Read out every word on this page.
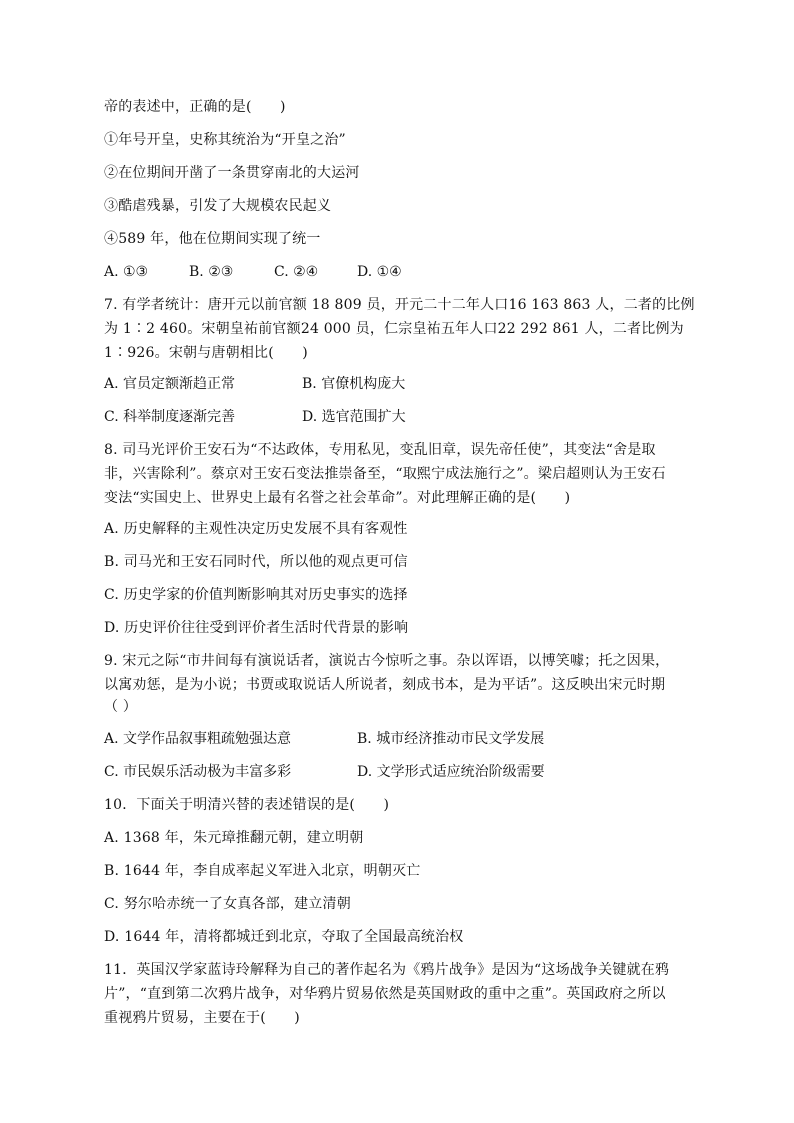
帝的表述中，正确的是(　　)
①年号开皇，史称其统治为“开皇之治”
②在位期间开凿了一条贯穿南北的大运河
③酷虐残暴，引发了大规模农民起义
④589 年，他在位期间实现了统一
A. ①③	B. ②③	C. ②④	D. ①④
7. 有学者统计：唐开元以前官额 18 809 员，开元二十二年人口16 163 863 人，二者的比例
为 1∶2 460。宋朝皇祐前官额24 000 员，仁宗皇祐五年人口22 292 861 人，二者比例为
1∶926。宋朝与唐朝相比(　　)
A. 官员定额渐趋正常	B. 官僚机构庞大
C. 科举制度逐渐完善	D. 选官范围扩大
8. 司马光评价王安石为“不达政体，专用私见，变乱旧章，误先帝任使”，其变法“舍是取
非，兴害除利”。蔡京对王安石变法推崇备至，“取熙宁成法施行之”。梁启超则认为王安石
变法“实国史上、世界史上最有名誉之社会革命”。对此理解正确的是(　　)
A. 历史解释的主观性决定历史发展不具有客观性
B. 司马光和王安石同时代，所以他的观点更可信
C. 历史学家的价值判断影响其对历史事实的选择
D. 历史评价往往受到评价者生活时代背景的影响
9. 宋元之际“市井间每有演说话者，演说古今惊听之事。杂以诨语，以博笑噱；托之因果，
以寓劝惩，是为小说；书贾或取说话人所说者，刻成书本，是为平话”。这反映出宋元时期
（ ）
A. 文学作品叙事粗疏勉强达意	B. 城市经济推动市民文学发展
C. 市民娱乐活动极为丰富多彩	D. 文学形式适应统治阶级需要
10．下面关于明清兴替的表述错误的是(　　)
A. 1368 年，朱元璋推翻元朝，建立明朝
B. 1644 年，李自成率起义军进入北京，明朝灭亡
C. 努尔哈赤统一了女真各部，建立清朝
D. 1644 年，清将都城迁到北京，夺取了全国最高统治权
11．英国汉学家蓝诗玲解释为自己的著作起名为《鸦片战争》是因为“这场战争关键就在鸦
片”，“直到第二次鸦片战争，对华鸦片贸易依然是英国财政的重中之重”。英国政府之所以
重视鸦片贸易，主要在于(　　)
